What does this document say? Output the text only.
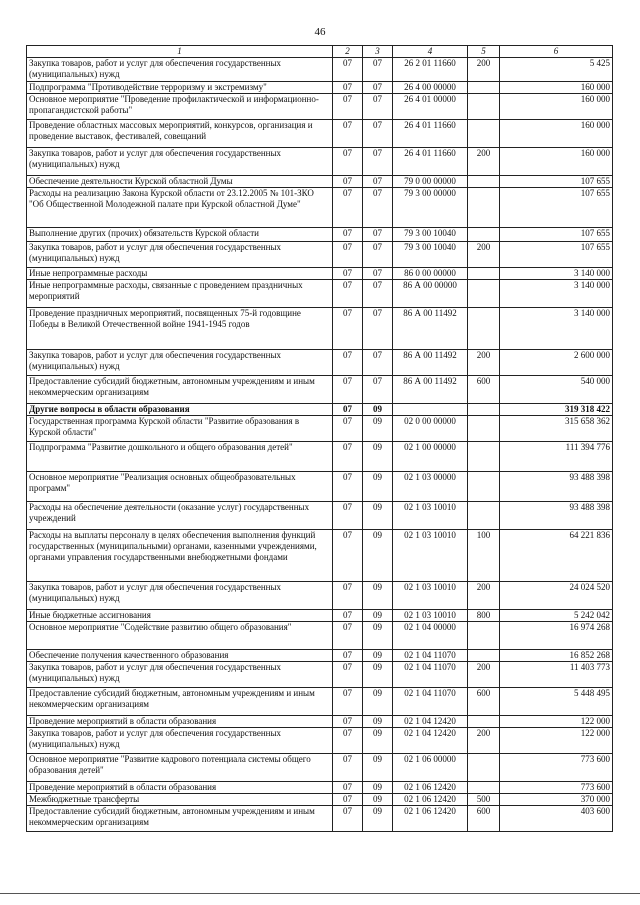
46
1	2	3	4	5	6
Закупка товаров, работ и услуг для обеспечения государственных (муниципальных) нужд	07	07	26 2 01 11660	200	5 425
Подпрограмма "Противодействие терроризму и экстремизму"	07	07	26 4 00 00000		160 000
Основное мероприятие "Проведение профилактической и информационно-пропагандистской работы"	07	07	26 4 01 00000		160 000
Проведение областных массовых мероприятий, конкурсов, организация и проведение выставок, фестивалей, совещаний	07	07	26 4 01 11660		160 000
Закупка товаров, работ и услуг для обеспечения государственных (муниципальных) нужд	07	07	26 4 01 11660	200	160 000
Обеспечение деятельности Курской областной Думы	07	07	79 0 00 00000		107 655
Расходы на реализацию Закона Курской области от 23.12.2005 № 101-ЗКО "Об Общественной Молодежной палате при Курской областной Думе"	07	07	79 3 00 00000		107 655
Выполнение других (прочих) обязательств Курской области	07	07	79 3 00 10040		107 655
Закупка товаров, работ и услуг для обеспечения государственных (муниципальных) нужд	07	07	79 3 00 10040	200	107 655
Иные непрограммные расходы	07	07	86 0 00 00000		3 140 000
Иные непрограммные расходы, связанные с проведением праздничных мероприятий	07	07	86 А 00 00000		3 140 000
Проведение праздничных мероприятий, посвященных 75-й годовщине Победы в Великой Отечественной войне 1941-1945 годов	07	07	86 А 00 11492		3 140 000
Закупка товаров, работ и услуг для обеспечения государственных (муниципальных) нужд	07	07	86 А 00 11492	200	2 600 000
Предоставление субсидий бюджетным, автономным учреждениям и иным некоммерческим организациям	07	07	86 А 00 11492	600	540 000
Другие вопросы в области образования	07	09			319 318 422
Государственная программа Курской области "Развитие образования в Курской области"	07	09	02 0 00 00000		315 658 362
Подпрограмма "Развитие дошкольного и общего образования детей"	07	09	02 1 00 00000		111 394 776
Основное мероприятие "Реализация основных общеобразовательных программ"	07	09	02 1 03 00000		93 488 398
Расходы на обеспечение деятельности (оказание услуг) государственных учреждений	07	09	02 1 03 10010		93 488 398
Расходы на выплаты персоналу в целях обеспечения выполнения функций государственных (муниципальными) органами, казенными учреждениями, органами управления государственными внебюджетными фондами	07	09	02 1 03 10010	100	64 221 836
Закупка товаров, работ и услуг для обеспечения государственных (муниципальных) нужд	07	09	02 1 03 10010	200	24 024 520
Иные бюджетные ассигнования	07	09	02 1 03 10010	800	5 242 042
Основное мероприятие "Содействие развитию общего образования"	07	09	02 1 04 00000		16 974 268
Обеспечение получения качественного образования	07	09	02 1 04 11070		16 852 268
Закупка товаров, работ и услуг для обеспечения государственных (муниципальных) нужд	07	09	02 1 04 11070	200	11 403 773
Предоставление субсидий бюджетным, автономным учреждениям и иным некоммерческим организациям	07	09	02 1 04 11070	600	5 448 495
Проведение мероприятий в области образования	07	09	02 1 04 12420		122 000
Закупка товаров, работ и услуг для обеспечения государственных (муниципальных) нужд	07	09	02 1 04 12420	200	122 000
Основное мероприятие "Развитие кадрового потенциала системы общего образования детей"	07	09	02 1 06 00000		773 600
Проведение мероприятий в области образования	07	09	02 1 06 12420		773 600
Межбюджетные трансферты	07	09	02 1 06 12420	500	370 000
Предоставление субсидий бюджетным, автономным учреждениям и иным некоммерческим организациям	07	09	02 1 06 12420	600	403 600
